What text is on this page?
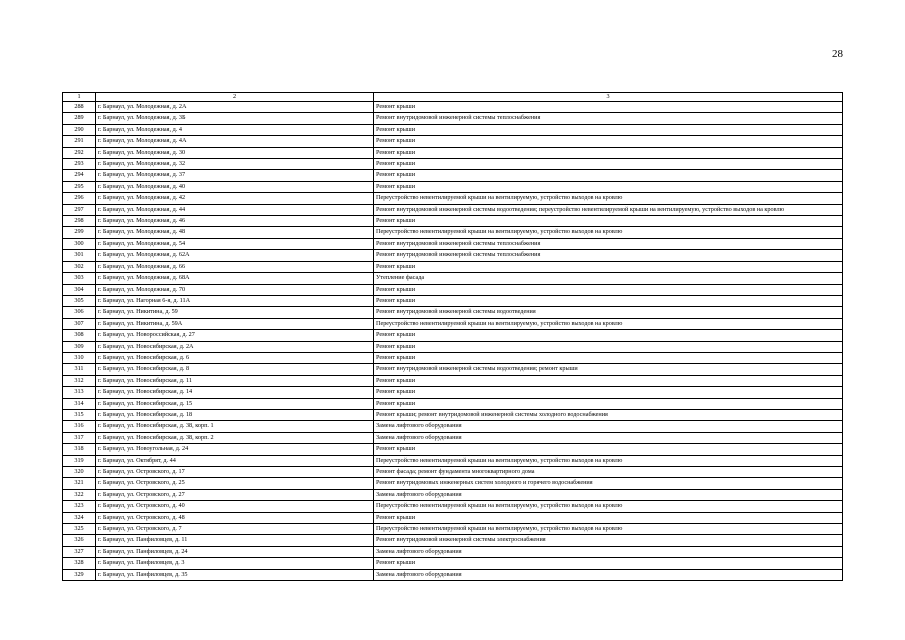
28
1	2	3
288	г. Барнаул, ул. Молодежная, д. 2А	Ремонт крыши
289	г. Барнаул, ул. Молодежная, д. 3Б	Ремонт внутридомовой инженерной системы теплоснабжения
290	г. Барнаул, ул. Молодежная, д. 4	Ремонт крыши
291	г. Барнаул, ул. Молодежная, д. 4А	Ремонт крыши
292	г. Барнаул, ул. Молодежная, д. 30	Ремонт крыши
293	г. Барнаул, ул. Молодежная, д. 32	Ремонт крыши
294	г. Барнаул, ул. Молодежная, д. 37	Ремонт крыши
295	г. Барнаул, ул. Молодежная, д. 40	Ремонт крыши
296	г. Барнаул, ул. Молодежная, д. 42	Переустройство невентилируемой крыши на вентилируемую, устройство выходов на кровлю
297	г. Барнаул, ул. Молодежная, д. 44	Ремонт внутридомовой инженерной системы водоотведения; переустройство невентилируемой крыши на вентилируемую, устройство выходов на кровлю
298	г. Барнаул, ул. Молодежная, д. 46	Ремонт крыши
299	г. Барнаул, ул. Молодежная, д. 48	Переустройство невентилируемой крыши на вентилируемую, устройство выходов на кровлю
300	г. Барнаул, ул. Молодежная, д. 54	Ремонт внутридомовой инженерной системы теплоснабжения
301	г. Барнаул, ул. Молодежная, д. 62А	Ремонт внутридомовой инженерной системы теплоснабжения
302	г. Барнаул, ул. Молодежная, д. 66	Ремонт крыши
303	г. Барнаул, ул. Молодежная, д. 68А	Утепление фасада
304	г. Барнаул, ул. Молодежная, д. 70	Ремонт крыши
305	г. Барнаул, ул. Нагорная 6-я, д. 11А	Ремонт крыши
306	г. Барнаул, ул. Никитина, д. 59	Ремонт внутридомовой инженерной системы водоотведения
307	г. Барнаул, ул. Никитина, д. 59А	Переустройство невентилируемой крыши на вентилируемую, устройство выходов на кровлю
308	г. Барнаул, ул. Новороссийская, д. 27	Ремонт крыши
309	г. Барнаул, ул. Новосибирская, д. 2А	Ремонт крыши
310	г. Барнаул, ул. Новосибирская, д. 6	Ремонт крыши
311	г. Барнаул, ул. Новосибирская, д. 8	Ремонт внутридомовой инженерной системы водоотведения; ремонт крыши
312	г. Барнаул, ул. Новосибирская, д. 11	Ремонт крыши
313	г. Барнаул, ул. Новосибирская, д. 14	Ремонт крыши
314	г. Барнаул, ул. Новосибирская, д. 15	Ремонт крыши
315	г. Барнаул, ул. Новосибирская, д. 18	Ремонт крыши; ремонт внутридомовой инженерной системы холодного водоснабжения
316	г. Барнаул, ул. Новосибирская, д. 38, корп. 1	Замена лифтового оборудования
317	г. Барнаул, ул. Новосибирская, д. 38, корп. 2	Замена лифтового оборудования
318	г. Барнаул, ул. Новоугольная, д. 24	Ремонт крыши
319	г. Барнаул, ул. Октябрят, д. 44	Переустройство невентилируемой крыши на вентилируемую, устройство выходов на кровлю
320	г. Барнаул, ул. Островского, д. 17	Ремонт фасада; ремонт фундамента многоквартирного дома
321	г. Барнаул, ул. Островского, д. 25	Ремонт внутридомовых инженерных систем холодного и горячего водоснабжения
322	г. Барнаул, ул. Островского, д. 27	Замена лифтового оборудования
323	г. Барнаул, ул. Островского, д. 40	Переустройство невентилируемой крыши на вентилируемую, устройство выходов на кровлю
324	г. Барнаул, ул. Островского, д. 48	Ремонт крыши
325	г. Барнаул, ул. Островского, д. 7	Переустройство невентилируемой крыши на вентилируемую, устройство выходов на кровлю
326	г. Барнаул, ул. Панфиловцев, д. 11	Ремонт внутридомовой инженерной системы электроснабжения
327	г. Барнаул, ул. Панфиловцев, д. 24	Замена лифтового оборудования
328	г. Барнаул, ул. Панфиловцев, д. 3	Ремонт крыши
329	г. Барнаул, ул. Панфиловцев, д. 35	Замена лифтового оборудования
